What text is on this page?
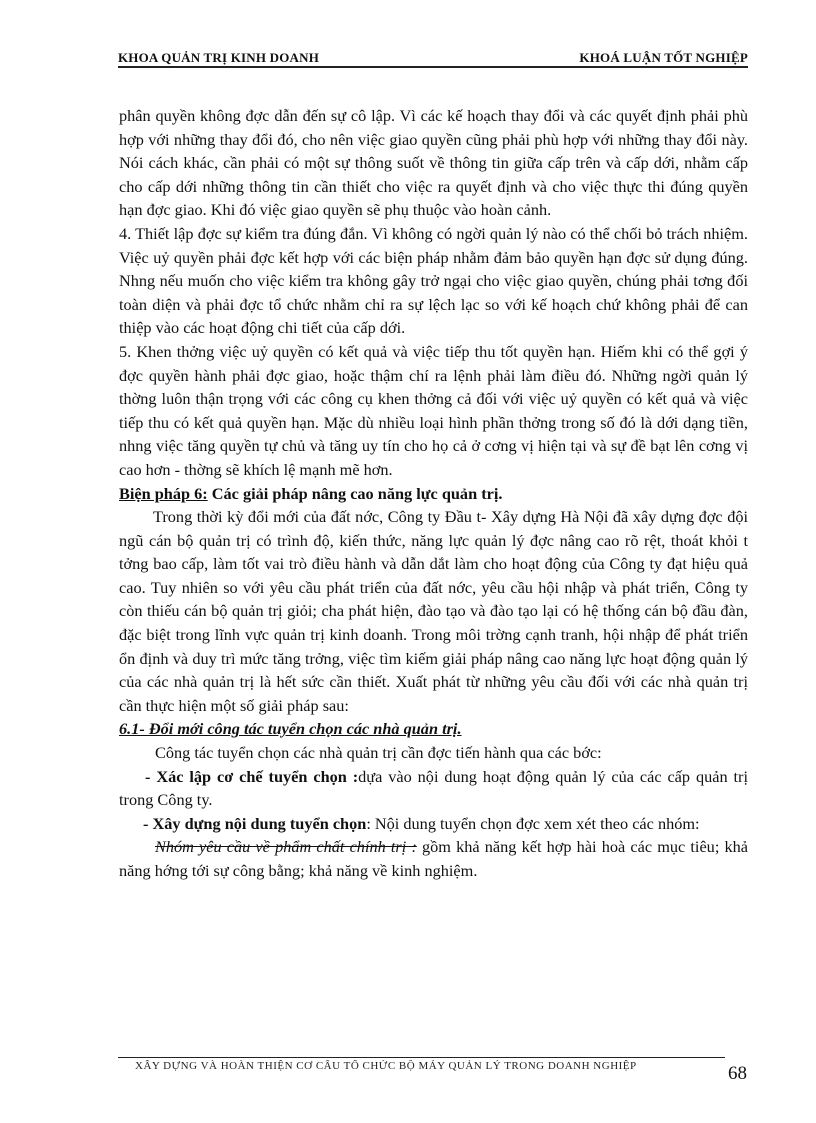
KHOA QUẢN TRỊ KINH DOANH	KHOÁ LUẬN TỐT NGHIỆP

phân quyền không đợc dẫn đến sự cô lập. Vì các kế hoạch thay đổi và các quyết định phải phù hợp với những thay đổi đó, cho nên việc giao quyền cũng phải phù hợp với những thay đổi này. Nói cách khác, cần phải có một sự thông suốt về thông tin giữa cấp trên và cấp dới, nhằm cấp cho cấp dới những thông tin cần thiết cho việc ra quyết định và cho việc thực thi đúng quyền hạn đợc giao. Khi đó việc giao quyền sẽ phụ thuộc vào hoàn cảnh.

4. Thiết lập đợc sự kiểm tra đúng đắn. Vì không có ngời quản lý nào có thể chối bỏ trách nhiệm. Việc uỷ quyền phải đợc kết hợp với các biện pháp nhằm đảm bảo quyền hạn đợc sử dụng đúng. Nhng nếu muốn cho việc kiểm tra không gây trở ngại cho việc giao quyền, chúng phải tơng đối toàn diện và phải đợc tổ chức nhằm chỉ ra sự lệch lạc so với kế hoạch chứ không phải để can thiệp vào các hoạt động chi tiết của cấp dới.

5. Khen thởng việc uỷ quyền có kết quả và việc tiếp thu tốt quyền hạn. Hiếm khi có thể gợi ý đợc quyền hành phải đợc giao, hoặc thậm chí ra lệnh phải làm điều đó. Những ngời quản lý thờng luôn thận trọng với các công cụ khen thởng cả đối với việc uỷ quyền có kết quả và việc tiếp thu có kết quả quyền hạn. Mặc dù nhiều loại hình phần thởng trong số đó là dới dạng tiền, nhng việc tăng quyền tự chủ và tăng uy tín cho họ cả ở cơng vị hiện tại và sự đề bạt lên cơng vị cao hơn - thờng sẽ khích lệ mạnh mẽ hơn.

Biện pháp 6: Các giải pháp nâng cao năng lực quản trị.

Trong thời kỳ đổi mới của đất nớc, Công ty Đầu t- Xây dựng Hà Nội đã xây dựng đợc đội ngũ cán bộ quản trị có trình độ, kiến thức, năng lực quản lý đợc nâng cao rõ rệt, thoát khỏi t tởng bao cấp, làm tốt vai trò điều hành và dẫn dắt làm cho hoạt động của Công ty đạt hiệu quả cao. Tuy nhiên so với yêu cầu phát triển của đất nớc, yêu cầu hội nhập và phát triển, Công ty còn thiếu cán bộ quản trị giỏi; cha phát hiện, đào tạo và đào tạo lại có hệ thống cán bộ đầu đàn, đặc biệt trong lĩnh vực quản trị kinh doanh. Trong môi trờng cạnh tranh, hội nhập để phát triển ổn định và duy trì mức tăng trởng, việc tìm kiếm giải pháp nâng cao năng lực hoạt động quản lý của các nhà quản trị là hết sức cần thiết. Xuất phát từ những yêu cầu đối với các nhà quản trị cần thực hiện một số giải pháp sau:

6.1- Đổi mới công tác tuyển chọn các nhà quản trị.

Công tác tuyển chọn các nhà quản trị cần đợc tiến hành qua các bớc:

- Xác lập cơ chế tuyển chọn :dựa vào nội dung hoạt động quản lý của các cấp quản trị trong Công ty.

- Xây dựng nội dung tuyển chọn: Nội dung tuyển chọn đợc xem xét theo các nhóm:

Nhóm yêu cầu về phẩm chất chính trị : gồm khả năng kết hợp hài hoà các mục tiêu; khả năng hớng tới sự công bằng; khả năng về kinh nghiệm.

XÂY DỰNG VÀ HOÀN THIỆN CƠ CẤU TỔ CHỨC BỘ MÁY QUẢN LÝ TRONG DOANH NGHIỆP	68
